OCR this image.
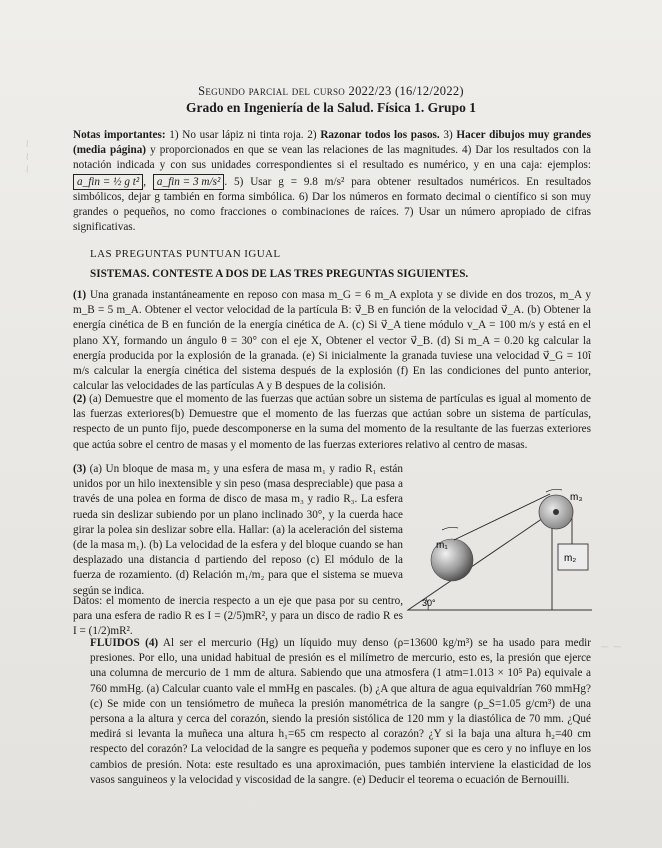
~ ~ ~
~ ~
Segundo parcial del curso 2022/23 (16/12/2022)
Grado en Ingeniería de la Salud. Física 1. Grupo 1

Notas importantes: 1) No usar lápiz ni tinta roja. 2) Razonar todos los pasos. 3) Hacer dibujos muy grandes (media página) y proporcionados en que se vean las relaciones de las magnitudes. 4) Dar los resultados con la notación indicada y con sus unidades correspondientes si el resultado es numérico, y en una caja: ejemplos: a_fin = ½ g t² , a_fin = 3 m/s² . 5) Usar g = 9.8 m/s² para obtener resultados numéricos. En resultados simbólicos, dejar g también en forma simbólica. 6) Dar los números en formato decimal o científico si son muy grandes o pequeños, no como fracciones o combinaciones de raíces. 7) Usar un número apropiado de cifras significativas.

LAS PREGUNTAS PUNTUAN IGUAL
SISTEMAS. CONTESTE A DOS DE LAS TRES PREGUNTAS SIGUIENTES.

(1) Una granada instantáneamente en reposo con masa m_G = 6 m_A explota y se divide en dos trozos, m_A y m_B = 5 m_A. Obtener el vector velocidad de la partícula B: v⃗_B en función de la velocidad v⃗_A. (b) Obtener la energía cinética de B en función de la energía cinética de A. (c) Si v⃗_A tiene módulo v_A = 100 m/s y está en el plano XY, formando un ángulo θ = 30° con el eje X, Obtener el vector v⃗_B. (d) Si m_A = 0.20 kg calcular la energía producida por la explosión de la granada. (e) Si inicialmente la granada tuviese una velocidad v⃗_G = 10î m/s calcular la energía cinética del sistema después de la explosión (f) En las condiciones del punto anterior, calcular las velocidades de las partículas A y B despues de la colisión.

(2) (a) Demuestre que el momento de las fuerzas que actúan sobre un sistema de partículas es igual al momento de las fuerzas exteriores(b) Demuestre que el momento de las fuerzas que actúan sobre un sistema de partículas, respecto de un punto fijo, puede descomponerse en la suma del momento de la resultante de las fuerzas exteriores que actúa sobre el centro de masas y el momento de las fuerzas exteriores relativo al centro de masas.

(3) (a) Un bloque de masa m₂ y una esfera de masa m₁ y radio R₁ están unidos por un hilo inextensible y sin peso (masa despreciable) que pasa a través de una polea en forma de disco de masa m₃ y radio R₃. La esfera rueda sin deslizar subiendo por un plano inclinado 30°, y la cuerda hace girar la polea sin deslizar sobre ella. Hallar: (a) la aceleración del sistema (de la masa m₁). (b) La velocidad de la esfera y del bloque cuando se han desplazado una distancia d partiendo del reposo (c) El módulo de la fuerza de rozamiento. (d) Relación m₁/m₂ para que el sistema se mueva según se indica.

Datos: el momento de inercia respecto a un eje que pasa por su centro, para una esfera de radio R es I = (2/5)mR², y para un disco de radio R es I = (1/2)mR².

30°
m₁
m₃
m₂

FLUIDOS (4) Al ser el mercurio (Hg) un líquido muy denso (ρ=13600 kg/m³) se ha usado para medir presiones. Por ello, una unidad habitual de presión es el milímetro de mercurio, esto es, la presión que ejerce una columna de mercurio de 1 mm de altura. Sabiendo que una atmosfera (1 atm=1.013 × 10⁵ Pa) equivale a 760 mmHg. (a) Calcular cuanto vale el mmHg en pascales. (b) ¿A que altura de agua equivaldrían 760 mmHg? (c) Se mide con un tensiómetro de muñeca la presión manométrica de la sangre (ρ_S=1.05 g/cm³) de una persona a la altura y cerca del corazón, siendo la presión sistólica de 120 mm y la diastólica de 70 mm. ¿Qué medirá si levanta la muñeca una altura h₁=65 cm respecto al corazón? ¿Y si la baja una altura h₂=40 cm respecto del corazón? La velocidad de la sangre es pequeña y podemos suponer que es cero y no influye en los cambios de presión. Nota: este resultado es una aproximación, pues también interviene la elasticidad de los vasos sanguineos y la velocidad y viscosidad de la sangre. (e) Deducir el teorema o ecuación de Bernouilli.
